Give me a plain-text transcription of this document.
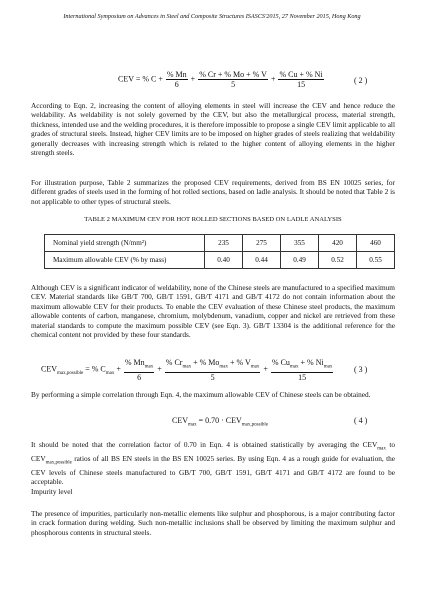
International Symposium on Advances in Steel and Composite Structures ISASCS'2015, 27 November 2015, Hong Kong
CEV = % $C + \frac{\% Mn}{6} + \frac{\% Cr + \% Mo + \% V}{5} + \frac{\% Cu + \% Ni}{15}$	( 2 )
According to Eqn. 2, increasing the content of alloying elements in steel will increase the CEV and hence reduce the weldability. As weldability is not solely governed by the CEV, but also the metallurgical process, material strength, thickness, intended use and the welding procedures, it is therefore impossible to propose a single CEV limit applicable to all grades of structural steels. Instead, higher CEV limits are to be imposed on higher grades of steels realizing that weldability generally decreases with increasing strength which is related to the higher content of alloying elements in the higher strength steels.
For illustration purpose, Table 2 summarizes the proposed CEV requirements, derived from BS EN 10025 series, for different grades of steels used in the forming of hot rolled sections, based on ladle analysis. It should be noted that Table 2 is not applicable to other types of structural steels.
TABLE 2 MAXIMUM CEV FOR HOT ROLLED SECTIONS BASED ON LADLE ANALYSIS
Nominal yield strength (N/mm²)	235	275	355	420	460
Maximum allowable CEV (% by mass)	0.40	0.44	0.49	0.52	0.55
Although CEV is a significant indicator of weldability, none of the Chinese steels are manufactured to a specified maximum CEV. Material standards like GB/T 700, GB/T 1591, GB/T 4171 and GB/T 4172 do not contain information about the maximum allowable CEV for their products. To enable the CEV evaluation of these Chinese steel products, the maximum allowable contents of carbon, manganese, chromium, molybdenum, vanadium, copper and nickel are retrieved from these material standards to compute the maximum possible CEV (see Eqn. 3). GB/T 13304 is the additional reference for the chemical content not provided by these four standards.
$CEV_{max,possible}$ = % $C_{max} + \frac{\% Mn_{max}}{6} + \frac{\% Cr_{max} + \% Mo_{max} + \% V_{max}}{5} + \frac{\% Cu_{max} + \% Ni_{max}}{15}$	( 3 )
By performing a simple correlation through Eqn. 4, the maximum allowable CEV of Chinese steels can be obtained.
$CEV_{max} = 0.70 \cdot CEV_{max,possible}$
( 4 )
It should be noted that the correlation factor of 0.70 in Eqn. 4 is obtained statistically by averaging the $CEV_{max}$ to $CEV_{max,possible}$ ratios of all BS EN steels in the BS EN 10025 series. By using Eqn. 4 as a rough guide for evaluation, the CEV levels of Chinese steels manufactured to GB/T 700, GB/T 1591, GB/T 4171 and GB/T 4172 are found to be acceptable.
Impurity level
The presence of impurities, particularly non-metallic elements like sulphur and phosphorous, is a major contributing factor in crack formation during welding. Such non-metallic inclusions shall be observed by limiting the maximum sulphur and phosphorous contents in structural steels.
